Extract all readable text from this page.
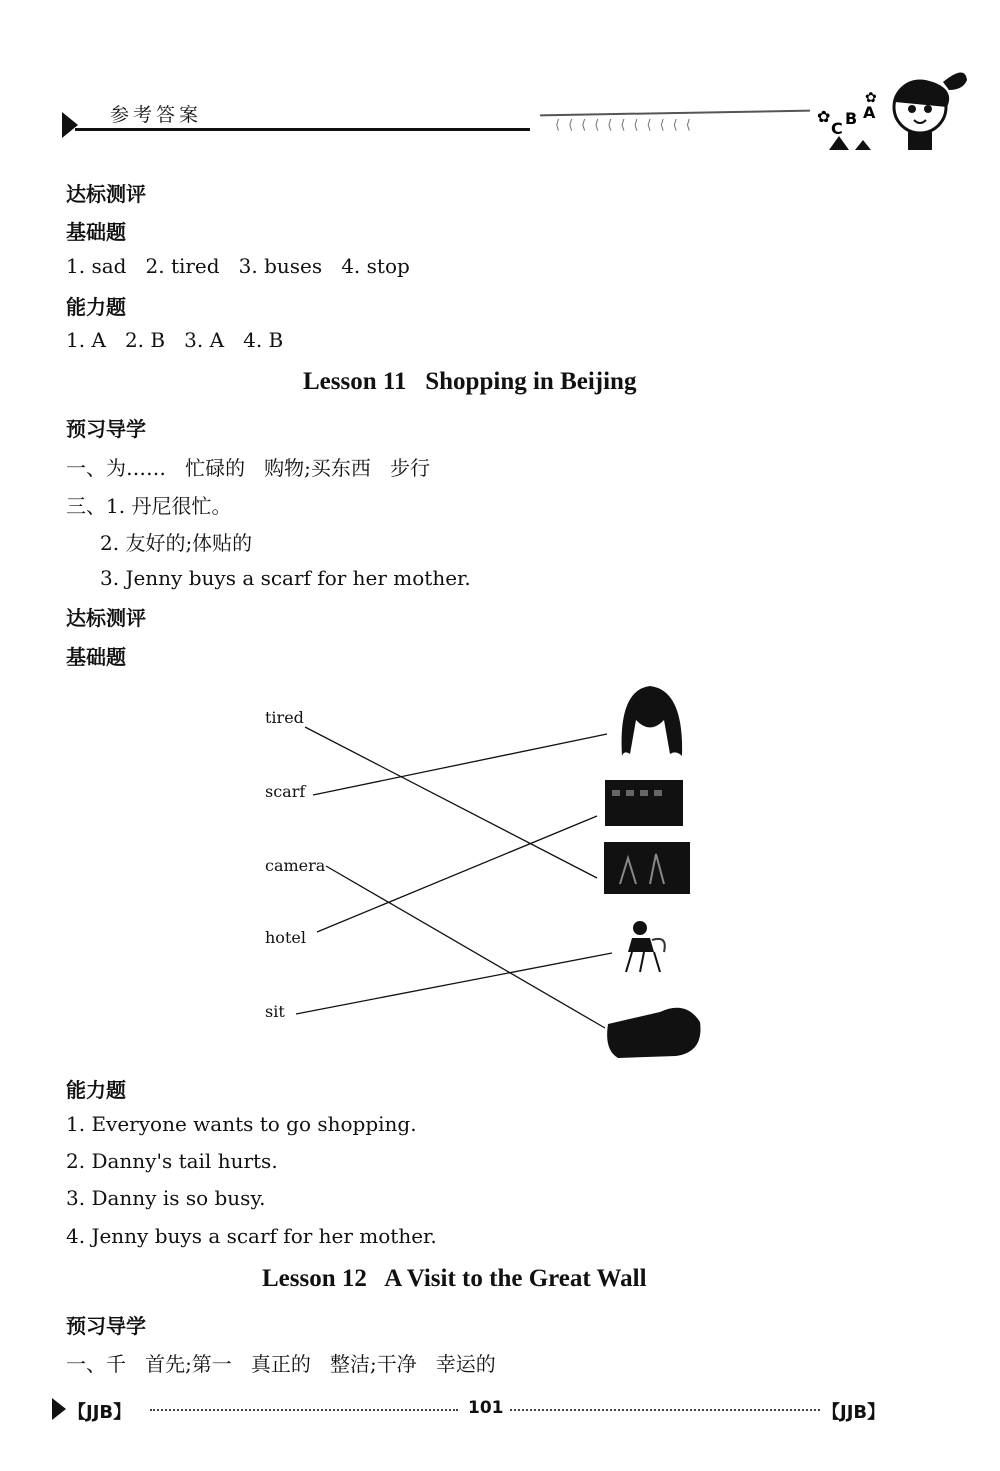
参考答案	⟨⟨⟨⟨⟨⟨⟨⟨⟨⟨⟨	✿
C
B A
✿
达标测评
基础题
1. sad   2. tired   3. buses   4. stop
能力题
1. A   2. B   3. A   4. B
Lesson 11   Shopping in Beijing
预习导学
一、为……   忙碌的   购物;买东西   步行
三、1. 丹尼很忙。
2. 友好的;体贴的
3. Jenny buys a scarf for her mother.
达标测评
基础题
tired
scarf
camera
hotel
sit
能力题
1. Everyone wants to go shopping.
2. Danny's tail hurts.
3. Danny is so busy.
4. Jenny buys a scarf for her mother.
Lesson 12   A Visit to the Great Wall
预习导学
一、千   首先;第一   真正的   整洁;干净   幸运的
【JJB】	101	【JJB】
